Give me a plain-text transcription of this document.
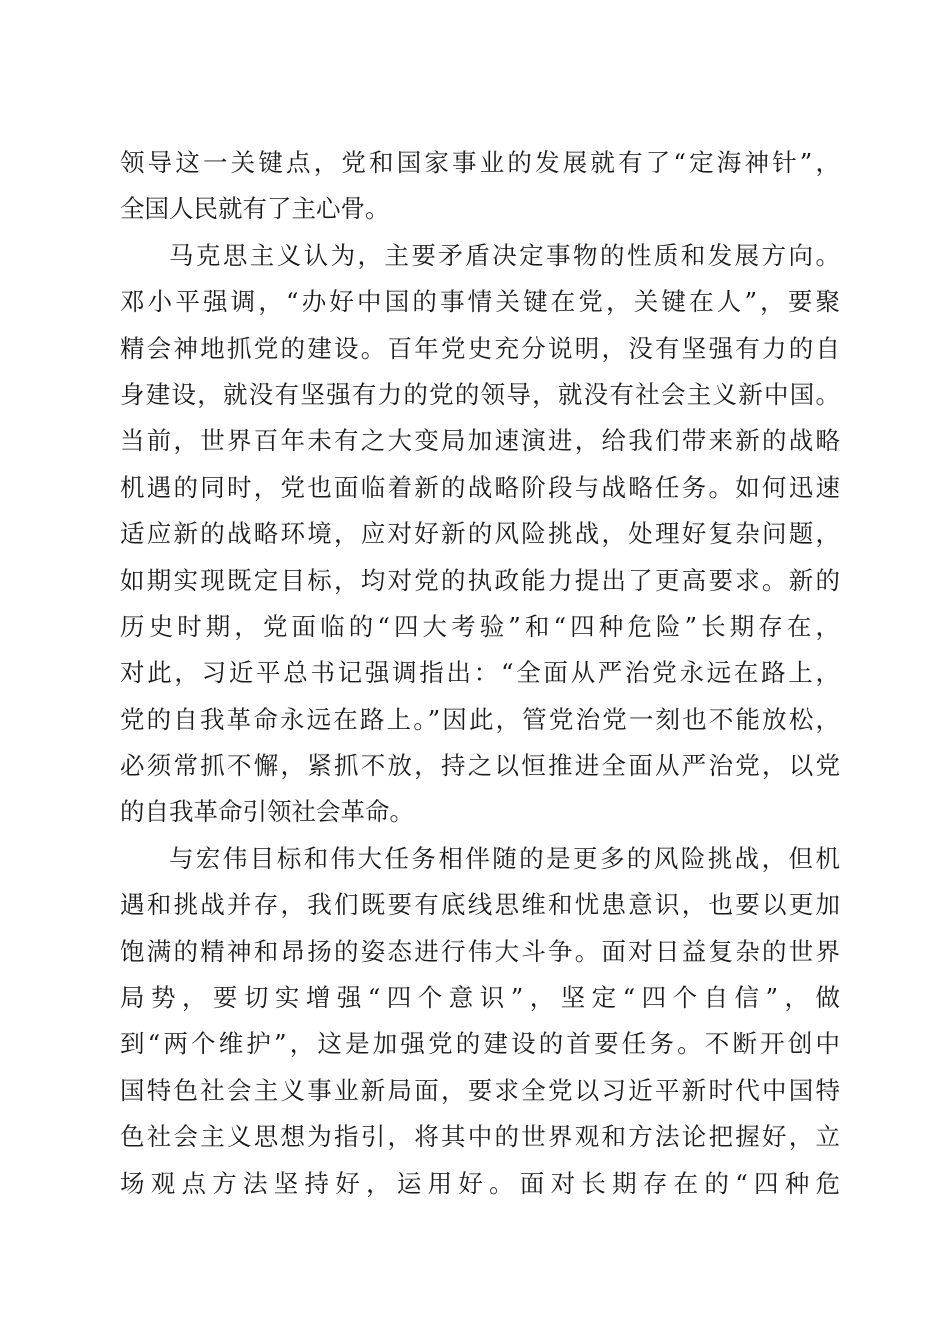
领导这一关键点，党和国家事业的发展就有了“定海神针”，
全国人民就有了主心骨。
马克思主义认为，主要矛盾决定事物的性质和发展方向。
邓小平强调，“办好中国的事情关键在党，关键在人”，要聚
精会神地抓党的建设。百年党史充分说明，没有坚强有力的自
身建设，就没有坚强有力的党的领导，就没有社会主义新中国。
当前，世界百年未有之大变局加速演进，给我们带来新的战略
机遇的同时，党也面临着新的战略阶段与战略任务。如何迅速
适应新的战略环境，应对好新的风险挑战，处理好复杂问题，
如期实现既定目标，均对党的执政能力提出了更高要求。新的
历史时期，党面临的“四大考验”和“四种危险”长期存在，
对此，习近平总书记强调指出：“全面从严治党永远在路上，
党的自我革命永远在路上。”因此，管党治党一刻也不能放松，
必须常抓不懈，紧抓不放，持之以恒推进全面从严治党，以党
的自我革命引领社会革命。
与宏伟目标和伟大任务相伴随的是更多的风险挑战，但机
遇和挑战并存，我们既要有底线思维和忧患意识，也要以更加
饱满的精神和昂扬的姿态进行伟大斗争。面对日益复杂的世界
局势，要切实增强“四个意识”，坚定“四个自信”，做
到“两个维护”，这是加强党的建设的首要任务。不断开创中
国特色社会主义事业新局面，要求全党以习近平新时代中国特
色社会主义思想为指引，将其中的世界观和方法论把握好，立
场观点方法坚持好，运用好。面对长期存在的“四种危
